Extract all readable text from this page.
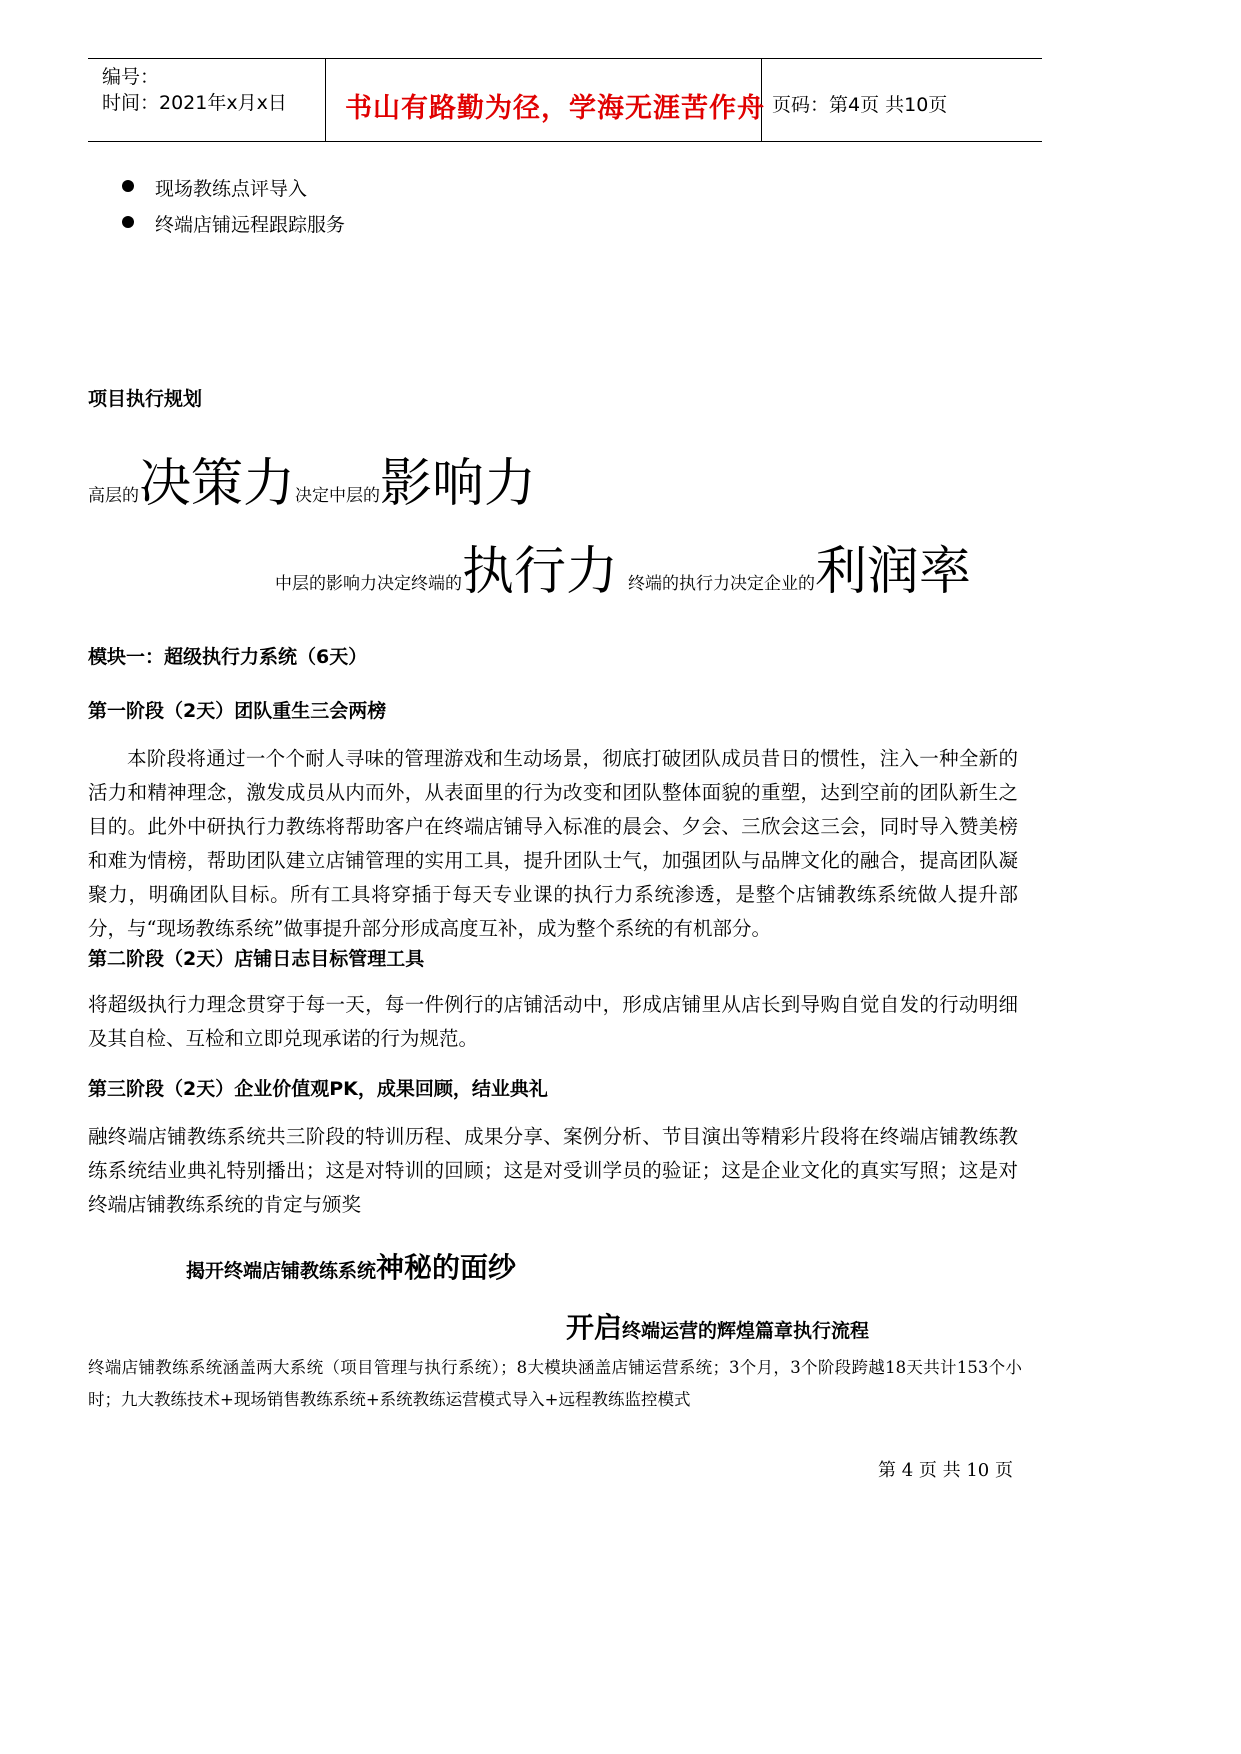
编号：
时间：2021年x月x日 书山有路勤为径，学海无涯苦作舟 页码：第4页 共10页
现场教练点评导入
终端店铺远程跟踪服务
项目执行规划
高层的决策力决定中层的影响力
中层的影响力决定终端的执行力 终端的执行力决定企业的利润率
模块一：超级执行力系统（6天）
第一阶段（2天）团队重生三会两榜
本阶段将通过一个个耐人寻味的管理游戏和生动场景，彻底打破团队成员昔日的惯性，注入一种全新的活力和精神理念，激发成员从内而外，从表面里的行为改变和团队整体面貌的重塑，达到空前的团队新生之目的。此外中研执行力教练将帮助客户在终端店铺导入标准的晨会、夕会、三欣会这三会，同时导入赞美榜和难为情榜，帮助团队建立店铺管理的实用工具，提升团队士气，加强团队与品牌文化的融合，提高团队凝聚力，明确团队目标。所有工具将穿插于每天专业课的执行力系统渗透，是整个店铺教练系统做人提升部分，与“现场教练系统”做事提升部分形成高度互补，成为整个系统的有机部分。
第二阶段（2天）店铺日志目标管理工具
将超级执行力理念贯穿于每一天，每一件例行的店铺活动中，形成店铺里从店长到导购自觉自发的行动明细及其自检、互检和立即兑现承诺的行为规范。
第三阶段（2天）企业价值观PK，成果回顾，结业典礼
融终端店铺教练系统共三阶段的特训历程、成果分享、案例分析、节目演出等精彩片段将在终端店铺教练教练系统结业典礼特别播出；这是对特训的回顾；这是对受训学员的验证；这是企业文化的真实写照；这是对终端店铺教练系统的肯定与颁奖
揭开终端店铺教练系统神秘的面纱
开启终端运营的辉煌篇章执行流程
终端店铺教练系统涵盖两大系统（项目管理与执行系统）；8大模块涵盖店铺运营系统；3个月，3个阶段跨越18天共计153个小时；九大教练技术+现场销售教练系统+系统教练运营模式导入+远程教练监控模式
第 4 页 共 10 页
